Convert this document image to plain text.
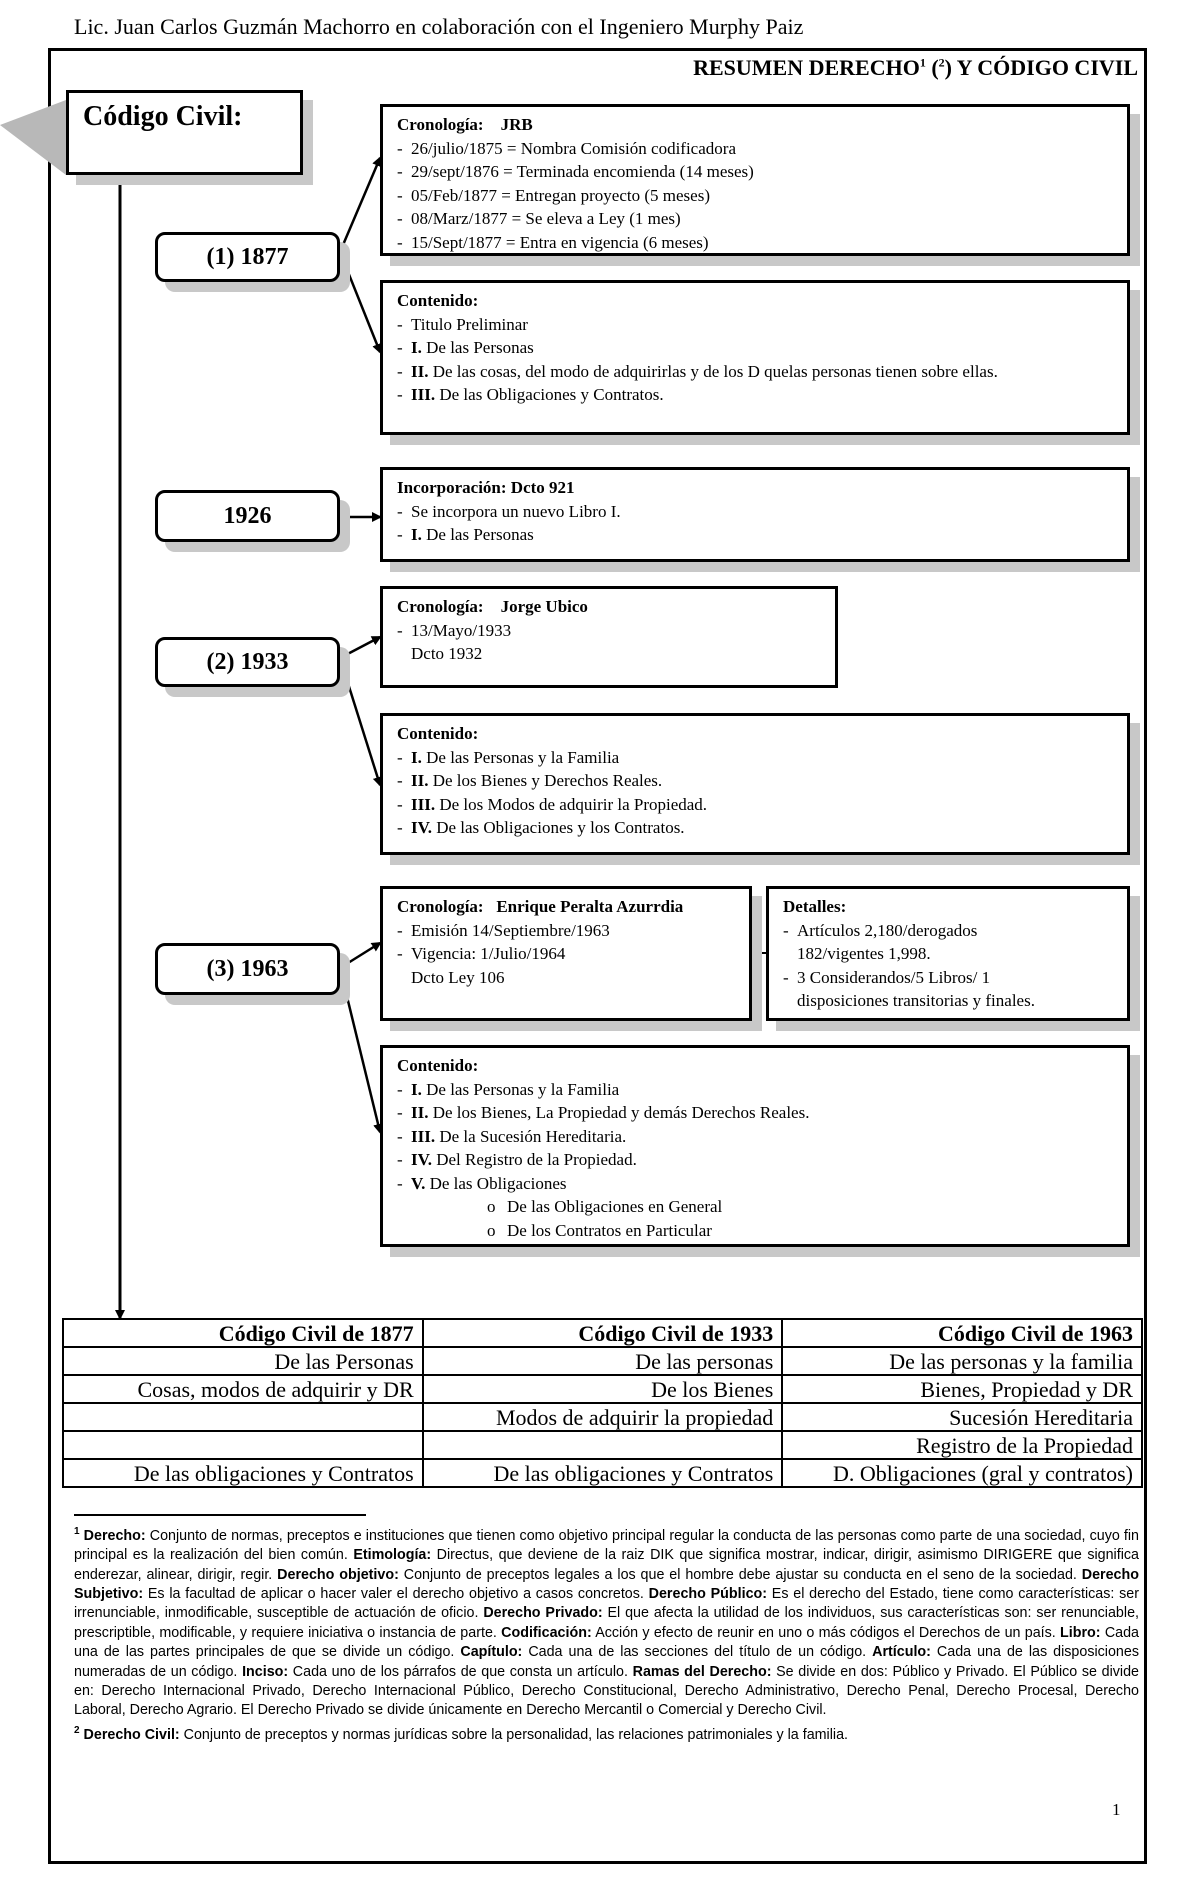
Lic. Juan Carlos Guzmán Machorro en colaboración con el Ingeniero Murphy Paiz
RESUMEN DERECHO$^1$ ($^2$) Y CÓDIGO CIVIL
Código Civil:
(1) 1877
1926
(2) 1933
(3) 1963
Cronología: JRB
- 26/julio/1875 = Nombra Comisión codificadora
- 29/sept/1876 = Terminada encomienda (14 meses)
- 05/Feb/1877 = Entregan proyecto (5 meses)
- 08/Marz/1877 = Se eleva a Ley (1 mes)
- 15/Sept/1877 = Entra en vigencia (6 meses)
Contenido:
- Titulo Preliminar
- I. De las Personas
- II. De las cosas, del modo de adquirirlas y de los D quelas personas tienen sobre ellas.
- III. De las Obligaciones y Contratos.
Incorporación: Dcto 921
- Se incorpora un nuevo Libro I.
- I. De las Personas
Cronología: Jorge Ubico
- 13/Mayo/1933
Dcto 1932
Contenido:
- I. De las Personas y la Familia
- II. De los Bienes y Derechos Reales.
- III. De los Modos de adquirir la Propiedad.
- IV. De las Obligaciones y los Contratos.
Cronología: Enrique Peralta Azurrdia
- Emisión 14/Septiembre/1963
- Vigencia: 1/Julio/1964
Dcto Ley 106
Detalles:
- Artículos 2,180/derogados
182/vigentes 1,998.
- 3 Considerandos/5 Libros/ 1
disposiciones transitorias y finales.
Contenido:
- I. De las Personas y la Familia
- II. De los Bienes, La Propiedad y demás Derechos Reales.
- III. De la Sucesión Hereditaria.
- IV. Del Registro de la Propiedad.
- V. De las Obligaciones
o De las Obligaciones en General
o De los Contratos en Particular
Código Civil de 1877	Código Civil de 1933	Código Civil de 1963
De las Personas	De las personas	De las personas y la familia
Cosas, modos de adquirir y DR	De los Bienes	Bienes, Propiedad y DR
	Modos de adquirir la propiedad	Sucesión Hereditaria
		Registro de la Propiedad
De las obligaciones y Contratos	De las obligaciones y Contratos	D. Obligaciones (gral y contratos)

$^1$ Derecho: Conjunto de normas, preceptos e instituciones que tienen como objetivo principal regular la conducta de las personas como parte de una sociedad, cuyo fin principal es la realización del bien común. Etimología: Directus, que deviene de la raiz DIK que significa mostrar, indicar, dirigir, asimismo DIRIGERE que significa enderezar, alinear, dirigir, regir. Derecho objetivo: Conjunto de preceptos legales a los que el hombre debe ajustar su conducta en el seno de la sociedad. Derecho Subjetivo: Es la facultad de aplicar o hacer valer el derecho objetivo a casos concretos. Derecho Público: Es el derecho del Estado, tiene como características: ser irrenunciable, inmodificable, susceptible de actuación de oficio. Derecho Privado: El que afecta la utilidad de los individuos, sus características son: ser renunciable, prescriptible, modificable, y requiere iniciativa o instancia de parte. Codificación: Acción y efecto de reunir en uno o más códigos el Derechos de un país. Libro: Cada una de las partes principales de que se divide un código. Capítulo: Cada una de las secciones del título de un código. Artículo: Cada una de las disposiciones numeradas de un código. Inciso: Cada uno de los párrafos de que consta un artículo. Ramas del Derecho: Se divide en dos: Público y Privado. El Público se divide en: Derecho Internacional Privado, Derecho Internacional Público, Derecho Constitucional, Derecho Administrativo, Derecho Penal, Derecho Procesal, Derecho Laboral, Derecho Agrario. El Derecho Privado se divide únicamente en Derecho Mercantil o Comercial y Derecho Civil.

$^2$ Derecho Civil: Conjunto de preceptos y normas jurídicas sobre la personalidad, las relaciones patrimoniales y la familia.

1
